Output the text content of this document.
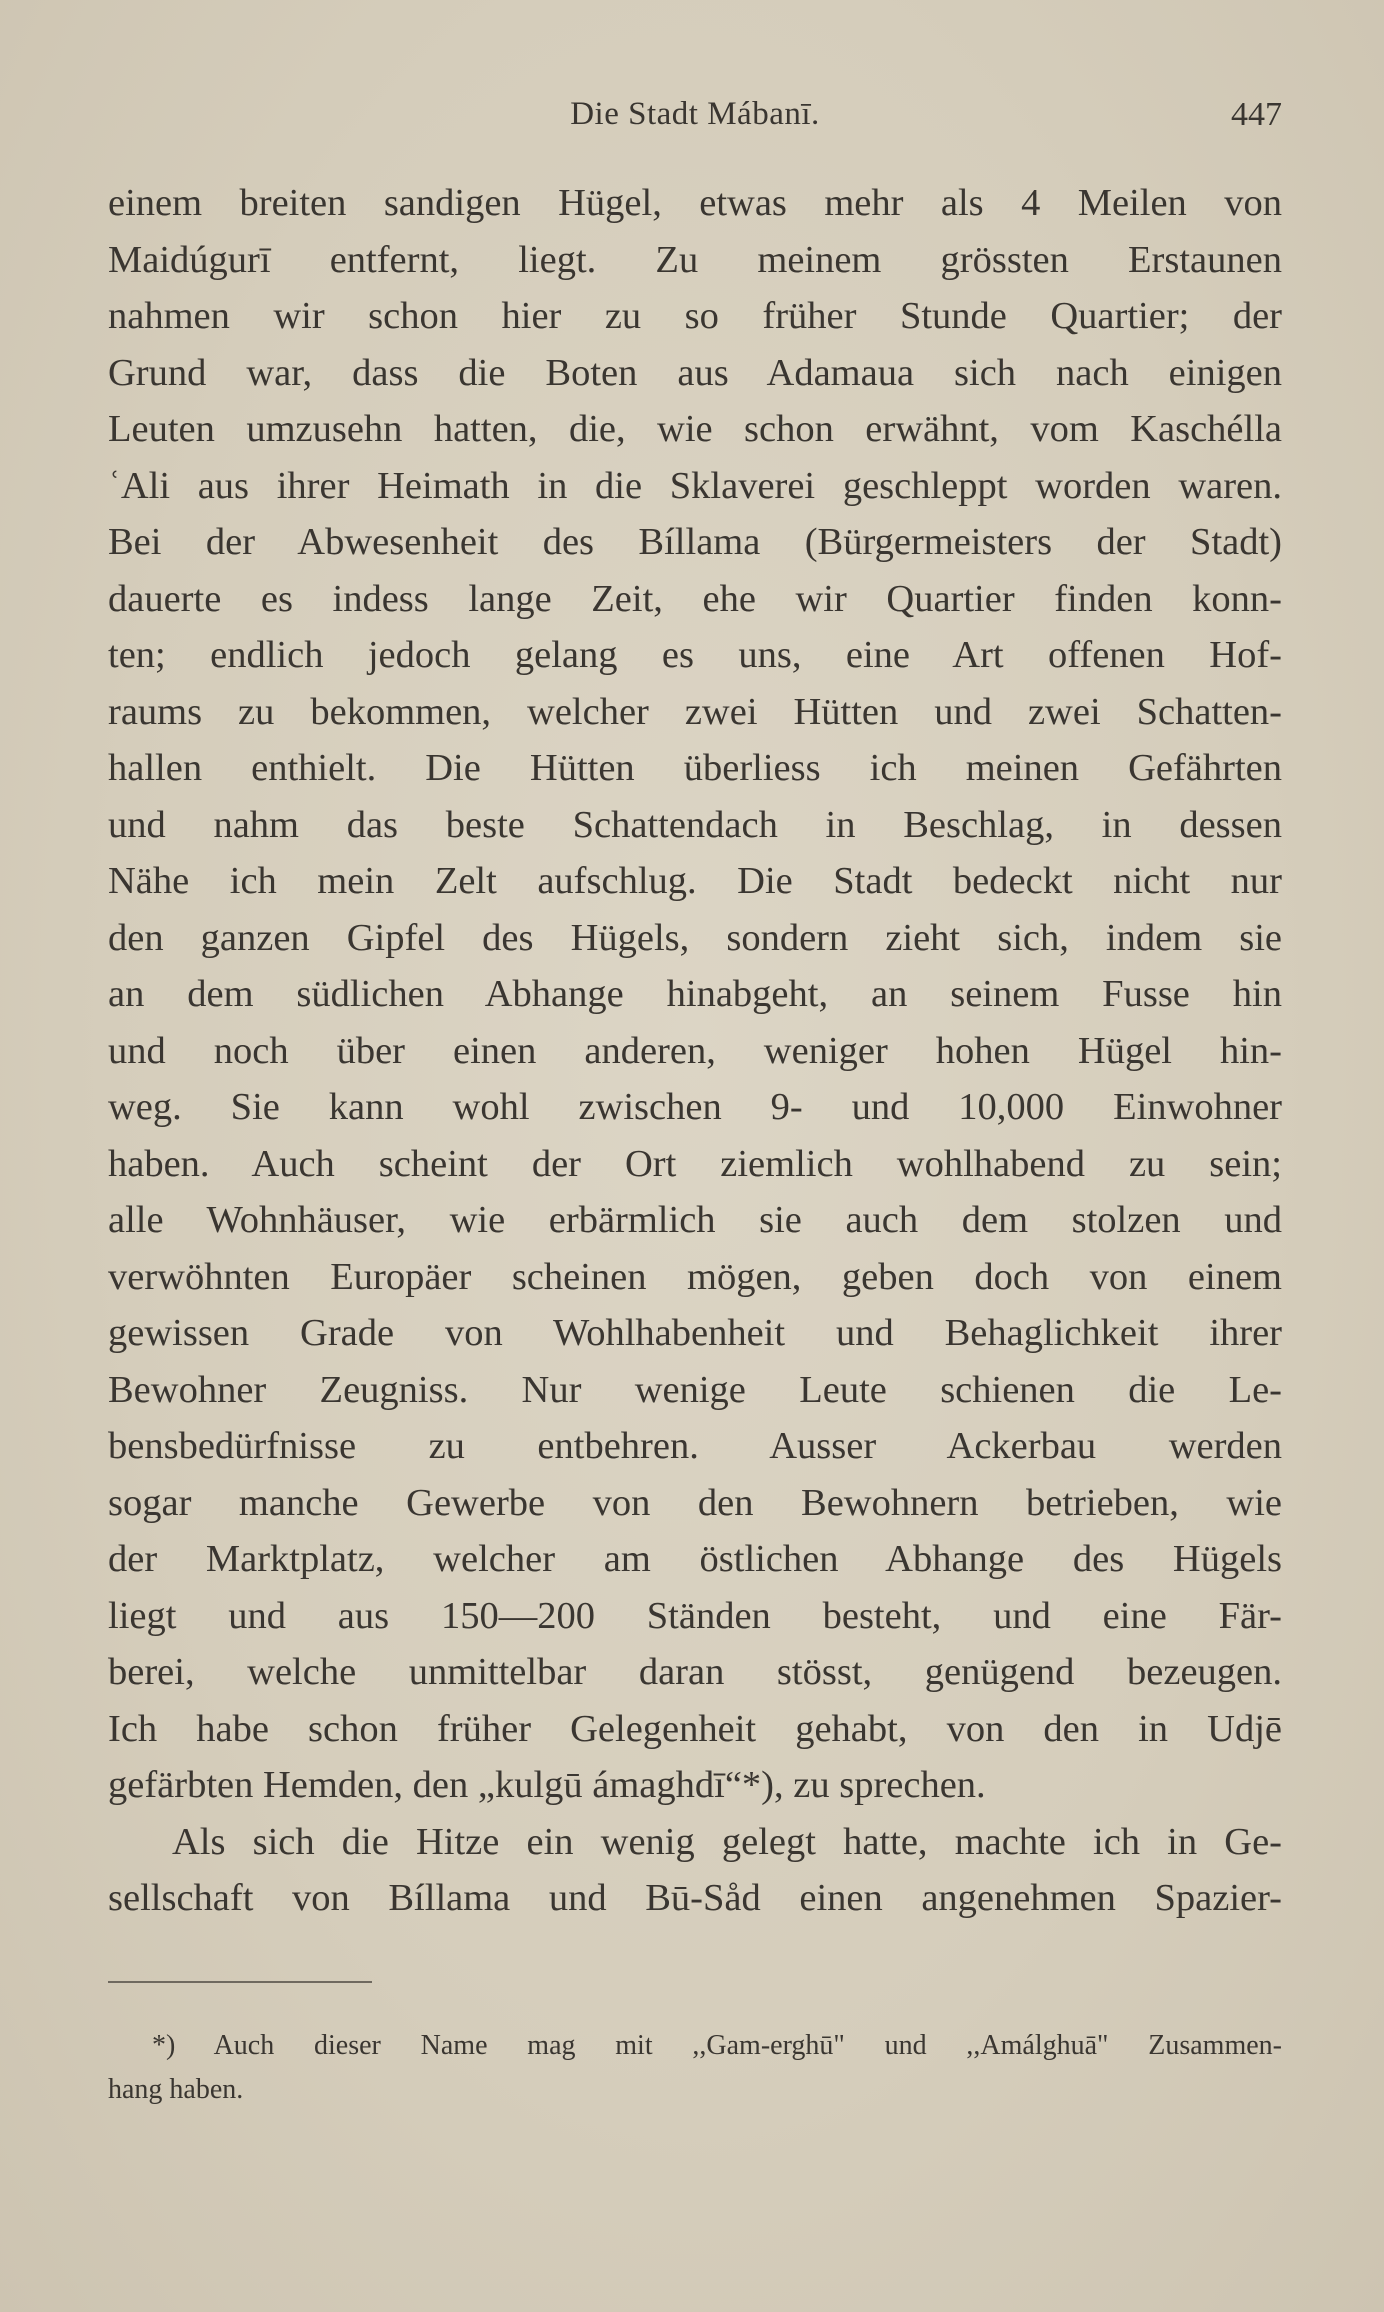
Die Stadt Mábanī.	447
einem breiten sandigen Hügel, etwas mehr als 4 Meilen von
Maidúgurī entfernt, liegt. Zu meinem grössten Erstaunen
nahmen wir schon hier zu so früher Stunde Quartier; der
Grund war, dass die Boten aus Adamaua sich nach einigen
Leuten umzusehn hatten, die, wie schon erwähnt, vom Kaschélla
ʿAli aus ihrer Heimath in die Sklaverei geschleppt worden waren.
Bei der Abwesenheit des Bíllama (Bürgermeisters der Stadt)
dauerte es indess lange Zeit, ehe wir Quartier finden konn-
ten; endlich jedoch gelang es uns, eine Art offenen Hof-
raums zu bekommen, welcher zwei Hütten und zwei Schatten-
hallen enthielt. Die Hütten überliess ich meinen Gefährten
und nahm das beste Schattendach in Beschlag, in dessen
Nähe ich mein Zelt aufschlug. Die Stadt bedeckt nicht nur
den ganzen Gipfel des Hügels, sondern zieht sich, indem sie
an dem südlichen Abhange hinabgeht, an seinem Fusse hin
und noch über einen anderen, weniger hohen Hügel hin-
weg. Sie kann wohl zwischen 9- und 10,000 Einwohner
haben. Auch scheint der Ort ziemlich wohlhabend zu sein;
alle Wohnhäuser, wie erbärmlich sie auch dem stolzen und
verwöhnten Europäer scheinen mögen, geben doch von einem
gewissen Grade von Wohlhabenheit und Behaglichkeit ihrer
Bewohner Zeugniss. Nur wenige Leute schienen die Le-
bensbedürfnisse zu entbehren. Ausser Ackerbau werden
sogar manche Gewerbe von den Bewohnern betrieben, wie
der Marktplatz, welcher am östlichen Abhange des Hügels
liegt und aus 150—200 Ständen besteht, und eine Fär-
berei, welche unmittelbar daran stösst, genügend bezeugen.
Ich habe schon früher Gelegenheit gehabt, von den in Udjē
gefärbten Hemden, den „kulgū ámaghdī“*), zu sprechen.
Als sich die Hitze ein wenig gelegt hatte, machte ich in Ge-
sellschaft von Bíllama und Bū-Såd einen angenehmen Spazier-
*) Auch dieser Name mag mit ,,Gam-erghū" und ,,Amálghuā" Zusammen-
hang haben.
